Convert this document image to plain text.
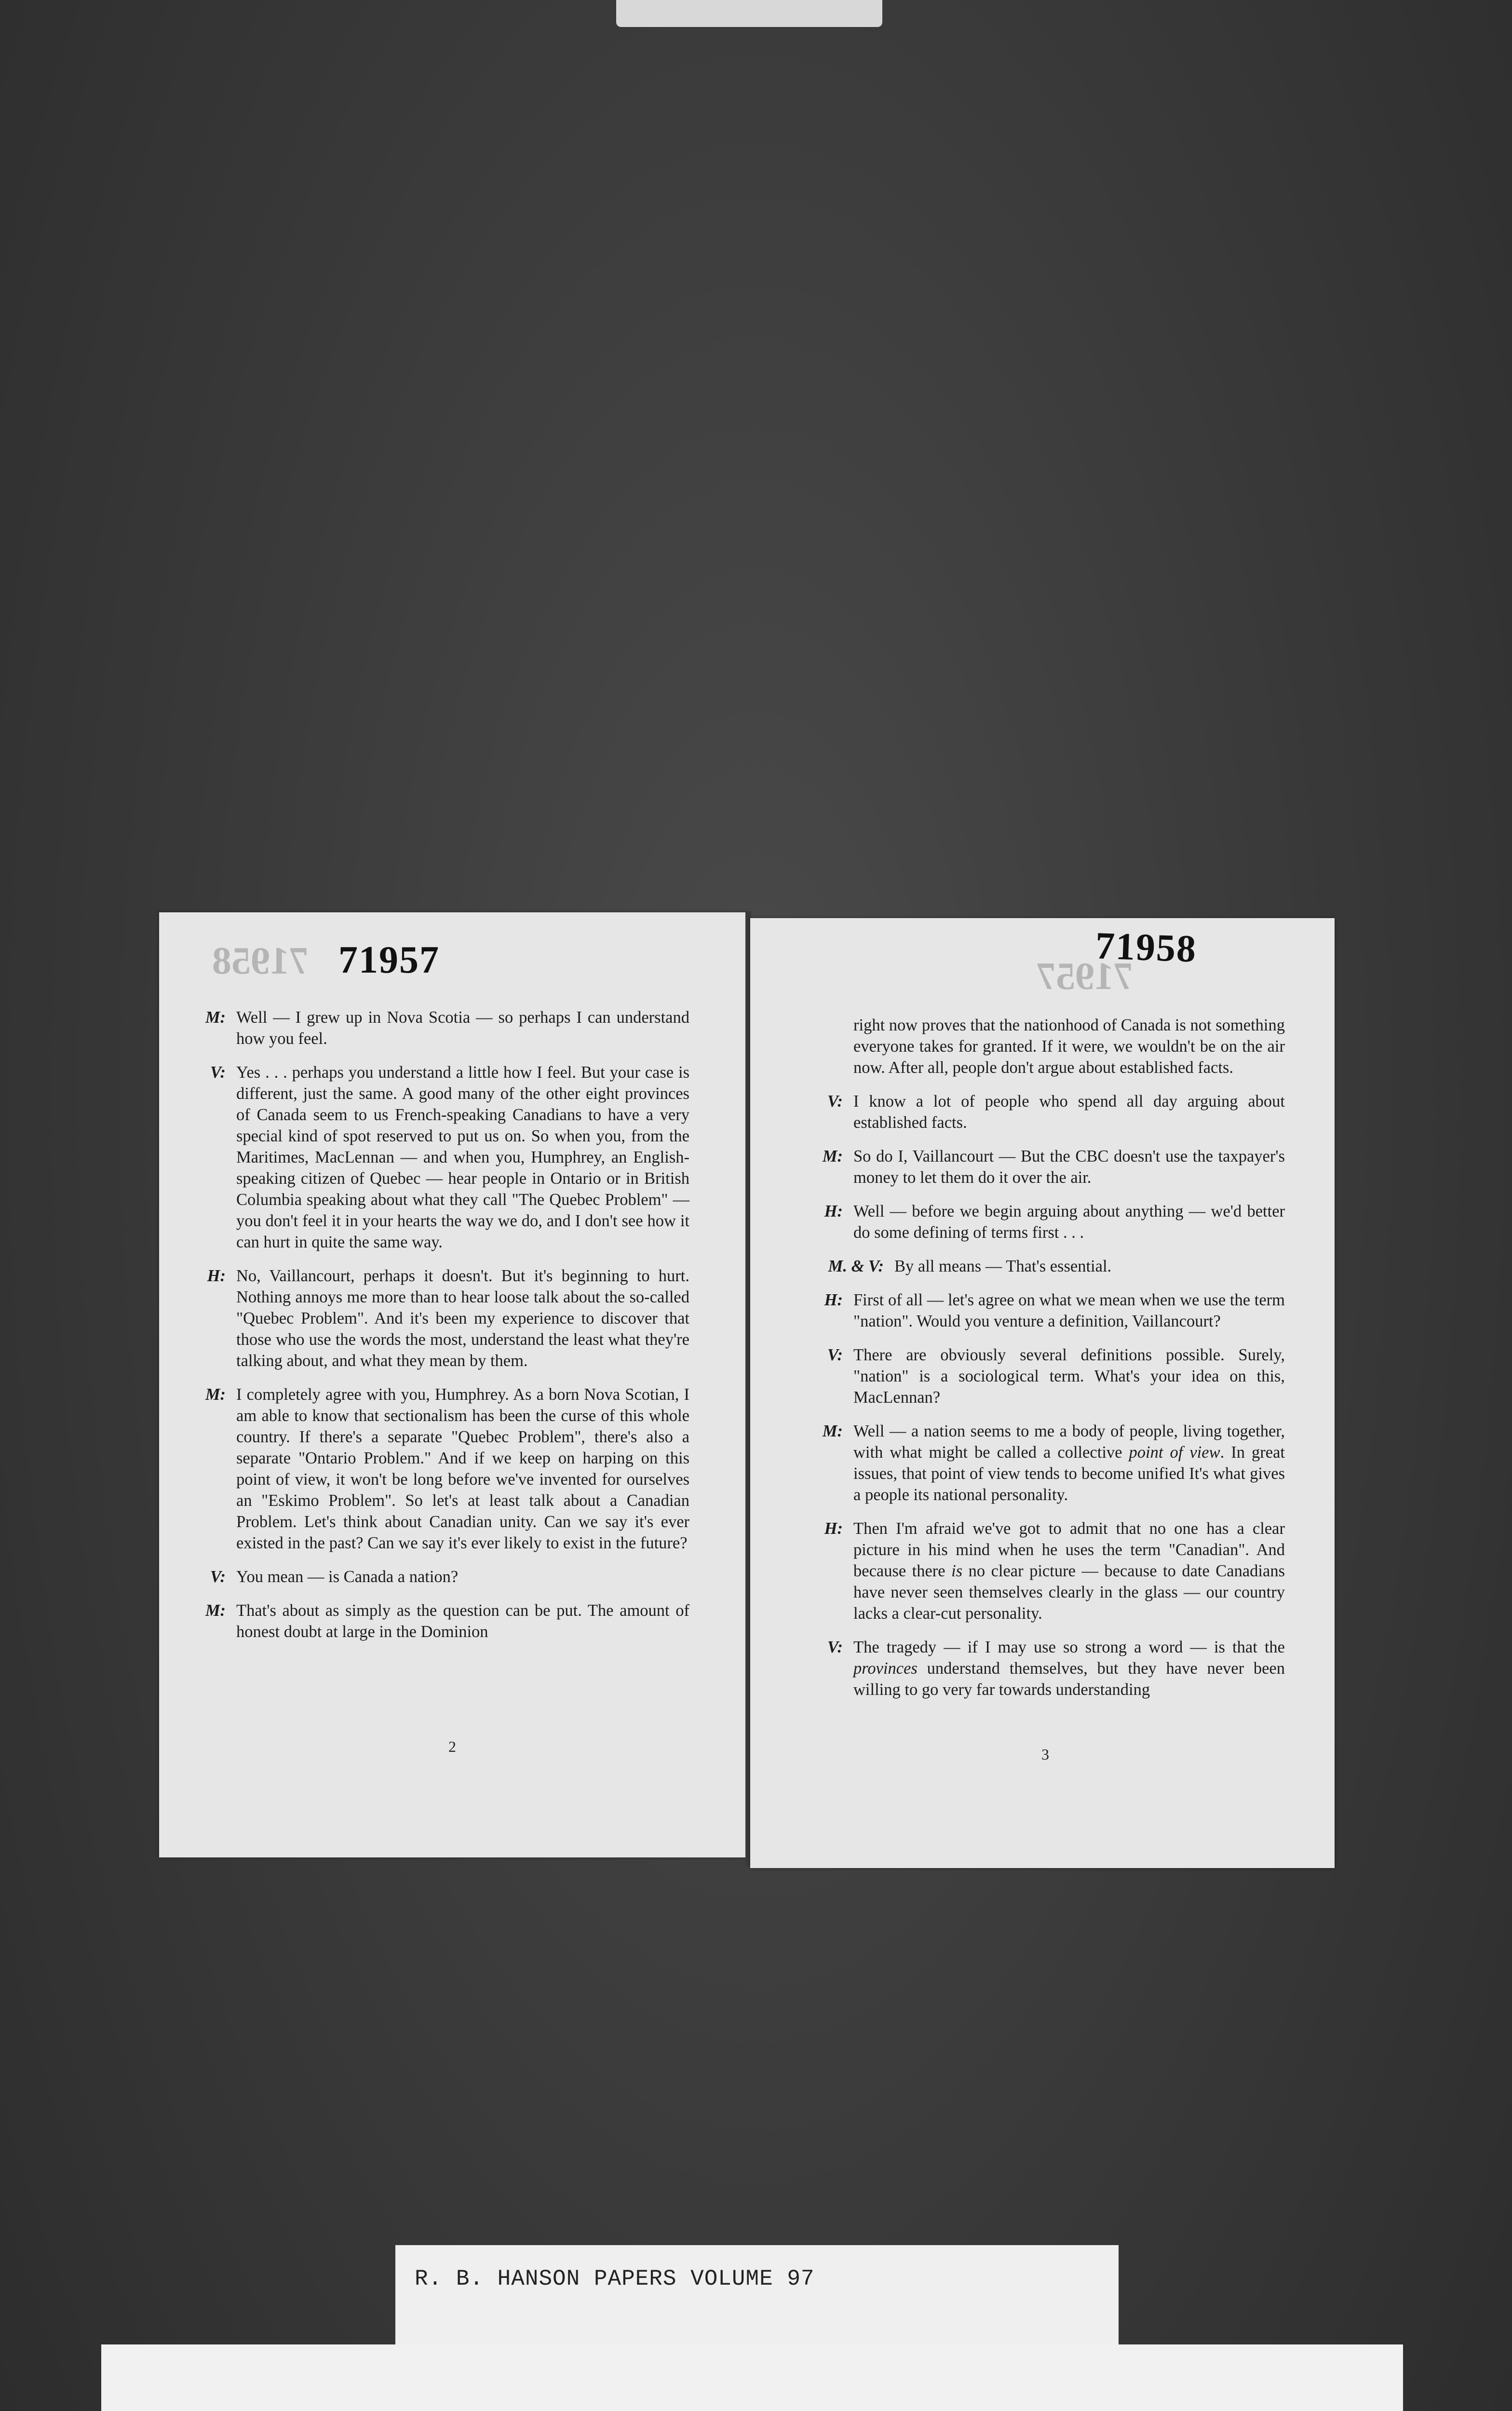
71958 71957	71957
71958
M: Well — I grew up in Nova Scotia — so perhaps I can understand how you feel.
V: Yes . . . perhaps you understand a little how I feel. But your case is different, just the same. A good many of the other eight provinces of Canada seem to us French-speaking Canadians to have a very special kind of spot reserved to put us on. So when you, from the Maritimes, MacLennan — and when you, Humphrey, an English-speaking citizen of Quebec — hear people in Ontario or in British Columbia speaking about what they call "The Quebec Problem" — you don't feel it in your hearts the way we do, and I don't see how it can hurt in quite the same way.
H: No, Vaillancourt, perhaps it doesn't. But it's beginning to hurt. Nothing annoys me more than to hear loose talk about the so-called "Quebec Problem". And it's been my experience to discover that those who use the words the most, understand the least what they're talking about, and what they mean by them.
M: I completely agree with you, Humphrey. As a born Nova Scotian, I am able to know that sectionalism has been the curse of this whole country. If there's a separate "Quebec Problem", there's also a separate "Ontario Problem." And if we keep on harping on this point of view, it won't be long before we've invented for ourselves an "Eskimo Problem". So let's at least talk about a Canadian Problem. Let's think about Canadian unity. Can we say it's ever existed in the past? Can we say it's ever likely to exist in the future?
V: You mean — is Canada a nation?
M: That's about as simply as the question can be put. The amount of honest doubt at large in the Dominion
2
right now proves that the nationhood of Canada is not something everyone takes for granted. If it were, we wouldn't be on the air now. After all, people don't argue about established facts.
V: I know a lot of people who spend all day arguing about established facts.
M: So do I, Vaillancourt — But the CBC doesn't use the taxpayer's money to let them do it over the air.
H: Well — before we begin arguing about anything — we'd better do some defining of terms first . . .
M. & V: By all means — That's essential.
H: First of all — let's agree on what we mean when we use the term "nation". Would you venture a definition, Vaillancourt?
V: There are obviously several definitions possible. Surely, "nation" is a sociological term. What's your idea on this, MacLennan?
M: Well — a nation seems to me a body of people, living together, with what might be called a collective point of view. In great issues, that point of view tends to become unified It's what gives a people its national personality.
H: Then I'm afraid we've got to admit that no one has a clear picture in his mind when he uses the term "Canadian". And because there is no clear picture — because to date Canadians have never seen themselves clearly in the glass — our country lacks a clear-cut personality.
V: The tragedy — if I may use so strong a word — is that the provinces understand themselves, but they have never been willing to go very far towards understanding
3
R. B. HANSON PAPERS VOLUME 97
